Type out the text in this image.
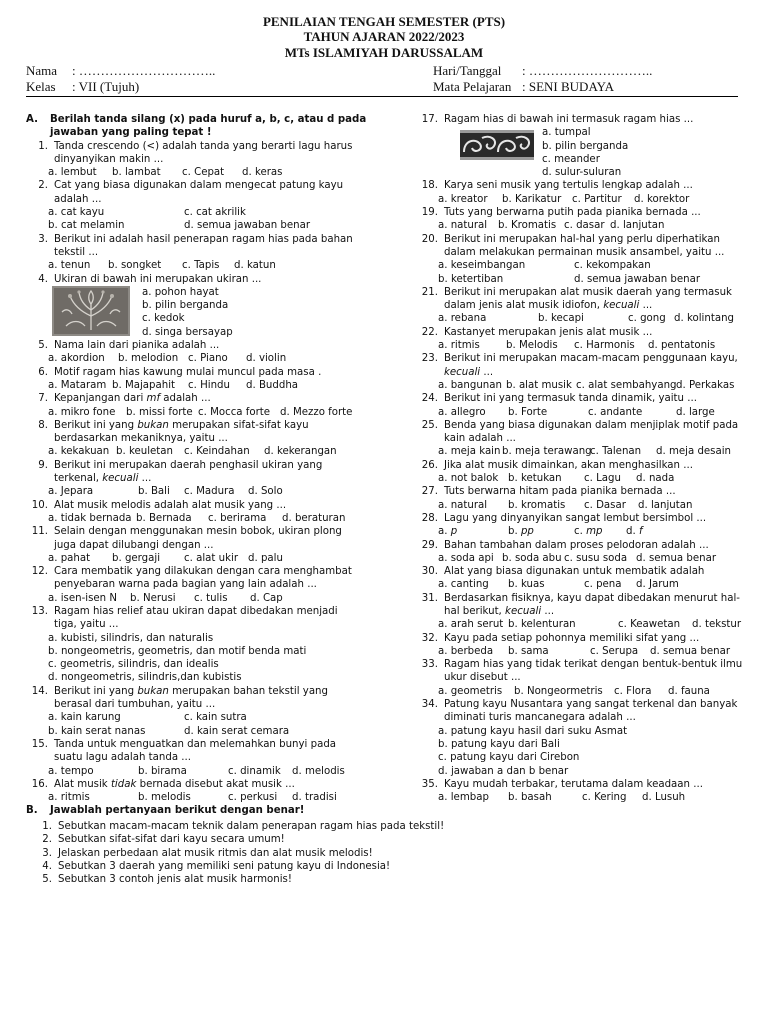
PENILAIAN TENGAH SEMESTER (PTS)
TAHUN AJARAN 2022/2023
MTs ISLAMIYAH DARUSSALAM
Nama : …………………………..
Kelas : VII (Tujuh)
Hari/Tanggal : ………………………..
Mata Pelajaran : SENI BUDAYA
A.	Berilah tanda silang (x) pada huruf a, b, c, atau d pada
jawaban yang paling tepat !
1. Tanda crescendo (<) adalah tanda yang berarti lagu harus
dinyanyikan makin ...
a. lembut	b. lambat	c. Cepat	d. keras
2. Cat yang biasa digunakan dalam mengecat patung kayu
adalah ...
a. cat kayu	c. cat akrilik
b. cat melamin	d. semua jawaban benar
3. Berikut ini adalah hasil penerapan ragam hias pada bahan
tekstil ...
a. tenun	b. songket	c. Tapis	d. katun
4. Ukiran di bawah ini merupakan ukiran ...
a. pohon hayat
b. pilin berganda
c. kedok
d. singa bersayap
5. Nama lain dari pianika adalah ...
a. akordion	b. melodion c. Piano	d. violin
6. Motif ragam hias kawung mulai muncul pada masa .
a. Mataram b. Majapahit	c. Hindu	d. Buddha
7. Kepanjangan dari mf adalah ...
a. mikro fone	b. missi forte c. Mocca forte d. Mezzo forte
8. Berikut ini yang bukan merupakan sifat-sifat kayu
berdasarkan mekaniknya, yaitu ...
a. kekakuan b. keuletan	c. Keindahan	d. kekerangan
9. Berikut ini merupakan daerah penghasil ukiran yang
terkenal, kecuali ...
a. Jepara	b. Bali	c. Madura	d. Solo
10. Alat musik melodis adalah alat musik yang ...
a. tidak bernada b. Bernada	c. berirama	d. beraturan
11. Selain dengan menggunakan mesin bobok, ukiran plong
juga dapat dilubangi dengan ...
a. pahat	b. gergaji	c. alat ukir d. palu
12. Cara membatik yang dilakukan dengan cara menghambat
penyebaran warna pada bagian yang lain adalah ...
a. isen-isen N	b. Nerusi	c. tulis	d. Cap
13. Ragam hias relief atau ukiran dapat dibedakan menjadi
tiga, yaitu ...
a. kubisti, silindris, dan naturalis
b. nongeometris, geometris, dan motif benda mati
c. geometris, silindris, dan idealis
d. nongeometris, silindris,dan kubistis
14. Berikut ini yang bukan merupakan bahan tekstil yang
berasal dari tumbuhan, yaitu ...
a. kain karung	c. kain sutra
b. kain serat nanas	d. kain serat cemara
15. Tanda untuk menguatkan dan melemahkan bunyi pada
suatu lagu adalah tanda ...
a. tempo	b. birama	c. dinamik	d. melodis
16. Alat musik tidak bernada disebut akat musik ...
a. ritmis	b. melodis	c. perkusi	d. tradisi
B.	Jawablah pertanyaan berikut dengan benar!
17. Ragam hias di bawah ini termasuk ragam hias ...
a. tumpal
b. pilin berganda
c. meander
d. sulur-suluran
18. Karya seni musik yang tertulis lengkap adalah ...
a. kreator	b. Karikatur	c. Partitur	d. korektor
19. Tuts yang berwarna putih pada pianika bernada ...
a. natural	b. Kromatis c. dasar d. lanjutan
20. Berikut ini merupakan hal-hal yang perlu diperhatikan
dalam melakukan permainan musik ansambel, yaitu ...
a. keseimbangan	c. kekompakan
b. ketertiban	d. semua jawaban benar
21. Berikut ini merupakan alat musik daerah yang termasuk
dalam jenis alat musik idiofon, kecuali ...
a. rebana	b. kecapi	c. gong d. kolintang
22. Kastanyet merupakan jenis alat musik ...
a. ritmis	b. Melodis	c. Harmonis	d. pentatonis
23. Berikut ini merupakan macam-macam penggunaan kayu,
kecuali ...
a. bangunan b. alat musik c. alat sembahyang d. Perkakas
24. Berikut ini yang termasuk tanda dinamik, yaitu ...
a. allegro	b. Forte	c. andante	d. large
25. Benda yang biasa digunakan dalam menjiplak motif pada
kain adalah ...
a. meja kain b. meja terawang
c. Talenan	d. meja desain
26. Jika alat musik dimainkan, akan menghasilkan ...
a. not balok b. ketukan	c. Lagu	d. nada
27. Tuts berwarna hitam pada pianika bernada ...
a. natural	b. kromatis	c. Dasar	d. lanjutan
28. Lagu yang dinyanyikan sangat lembut bersimbol ...
a. p	b. pp	c. mp	d. f
29. Bahan tambahan dalam proses pelodoran adalah ...
a. soda api b. soda abu c. susu soda d. semua benar
30. Alat yang biasa digunakan untuk membatik adalah
a. canting	b. kuas	c. pena	d. Jarum
31. Berdasarkan fisiknya, kayu dapat dibedakan menurut hal-
hal berikut, kecuali ...
a. arah serut b. kelenturan	c. Keawetan	d. tekstur
32. Kayu pada setiap pohonnya memiliki sifat yang ...
a. berbeda	b. sama	c. Serupa	d. semua benar
33. Ragam hias yang tidak terikat dengan bentuk-bentuk ilmu
ukur disebut ...
a. geometris	b. Nongeormetris	c. Flora	d. fauna
34. Patung kayu Nusantara yang sangat terkenal dan banyak
diminati turis mancanegara adalah ...
a. patung kayu hasil dari suku Asmat
b. patung kayu dari Bali
c. patung kayu dari Cirebon
d. jawaban a dan b benar
35. Kayu mudah terbakar, terutama dalam keadaan ...
a. lembap	b. basah	c. Kering	d. Lusuh
1. Sebutkan macam-macam teknik dalam penerapan ragam hias pada tekstil!
2. Sebutkan sifat-sifat dari kayu secara umum!
3. Jelaskan perbedaan alat musik ritmis dan alat musik melodis!
4. Sebutkan 3 daerah yang memiliki seni patung kayu di Indonesia!
5. Sebutkan 3 contoh jenis alat musik harmonis!
